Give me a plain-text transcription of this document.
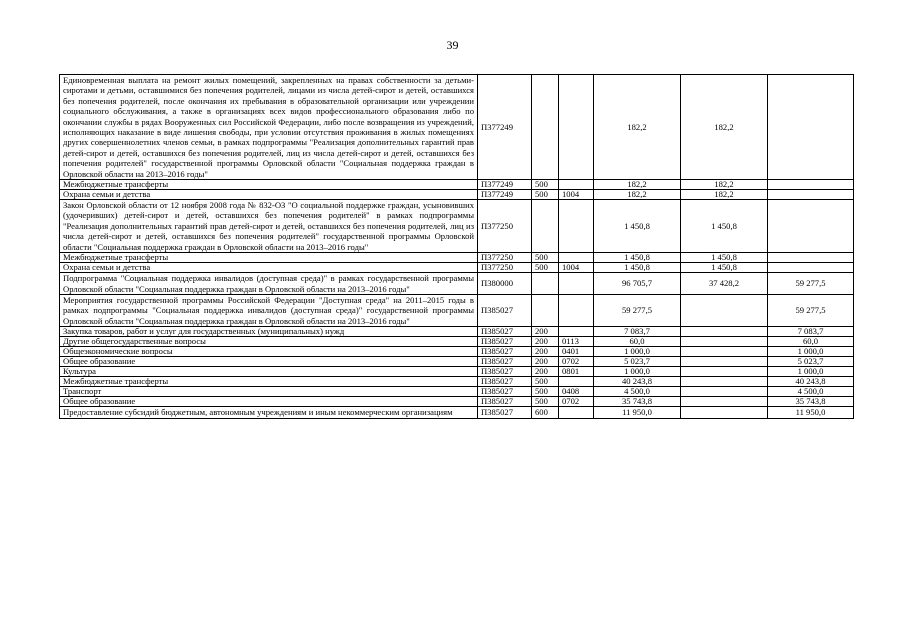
39
Единовременная выплата на ремонт жилых помещений, закрепленных на правах собственности за детьми-сиротами и детьми, оставшимися без попечения родителей, лицами из числа детей-сирот и детей, оставшихся без попечения родителей, после окончания их пребывания в образовательной организации или учреждении социального обслуживания, а также в организациях всех видов профессионального образования либо по окончании службы в рядах Вооруженных сил Российской Федерации, либо после возвращения из учреждений, исполняющих наказание в виде лишения свободы, при условии отсутствия проживания в жилых помещениях других совершеннолетних членов семьи, в рамках подпрограммы "Реализация дополнительных гарантий прав детей-сирот и детей, оставшихся без попечения родителей, лиц из числа детей-сирот и детей, оставшихся без попечения родителей" государственной программы Орловской области "Социальная поддержка граждан в Орловской области на 2013–2016 годы"	П377249			182,2	182,2	
Межбюджетные трансферты	П377249	500		182,2	182,2	
Охрана семьи и детства	П377249	500	1004	182,2	182,2	
Закон Орловской области от 12 ноября 2008 года № 832-ОЗ "О социальной поддержке граждан, усыновивших (удочеривших) детей-сирот и детей, оставшихся без попечения родителей" в рамках подпрограммы "Реализация дополнительных гарантий прав детей-сирот и детей, оставшихся без попечения родителей, лиц из числа детей-сирот и детей, оставшихся без попечения родителей" государственной программы Орловской области "Социальная поддержка граждан в Орловской области на 2013–2016 годы"	П377250			1 450,8	1 450,8	
Межбюджетные трансферты	П377250	500		1 450,8	1 450,8	
Охрана семьи и детства	П377250	500	1004	1 450,8	1 450,8	
Подпрограмма "Социальная поддержка инвалидов (доступная среда)" в рамках государственной программы Орловской области "Социальная поддержка граждан в Орловской области на 2013–2016 годы"	П380000			96 705,7	37 428,2	59 277,5
Мероприятия государственной программы Российской Федерации "Доступная среда" на 2011–2015 годы в рамках подпрограммы "Социальная поддержка инвалидов (доступная среда)" государственной программы Орловской области "Социальная поддержка граждан в Орловской области на 2013–2016 годы"	П385027			59 277,5		59 277,5
Закупка товаров, работ и услуг для государственных (муниципальных) нужд	П385027	200		7 083,7		7 083,7
Другие общегосударственные вопросы	П385027	200	0113	60,0		60,0
Общеэкономические вопросы	П385027	200	0401	1 000,0		1 000,0
Общее образование	П385027	200	0702	5 023,7		5 023,7
Культура	П385027	200	0801	1 000,0		1 000,0
Межбюджетные трансферты	П385027	500		40 243,8		40 243,8
Транспорт	П385027	500	0408	4 500,0		4 500,0
Общее образование	П385027	500	0702	35 743,8		35 743,8
Предоставление субсидий бюджетным, автономным учреждениям и иным некоммерческим организациям	П385027	600		11 950,0		11 950,0
